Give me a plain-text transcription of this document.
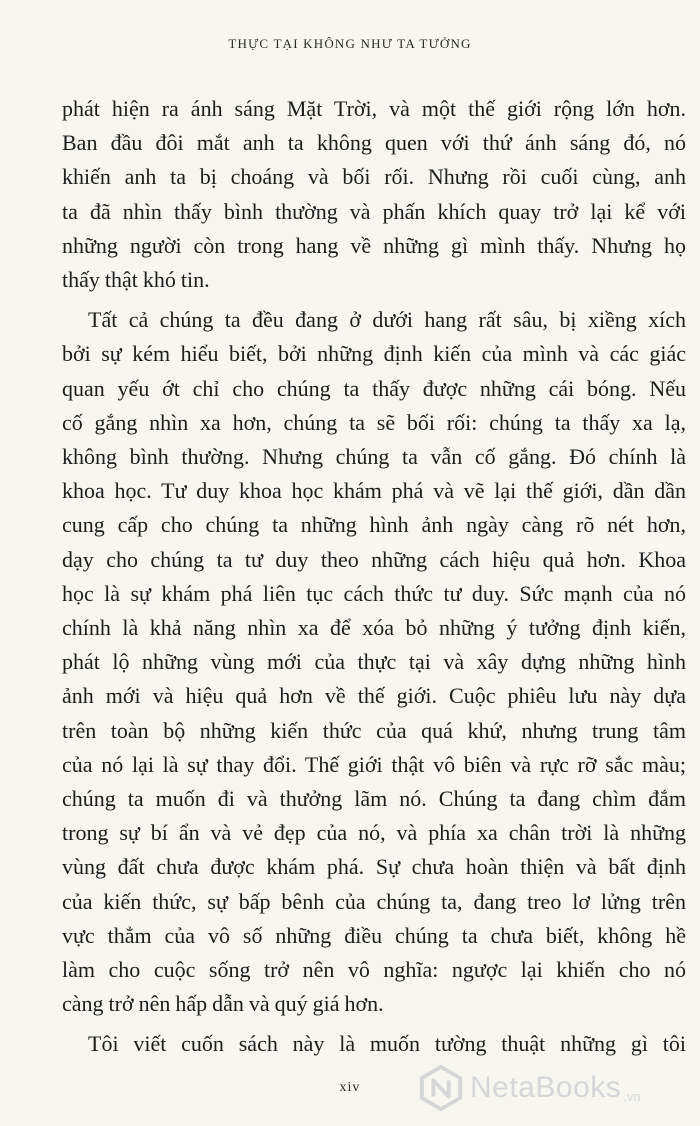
THỰC TẠI KHÔNG NHƯ TA TƯỞNG

phát hiện ra ánh sáng Mặt Trời, và một thế giới rộng lớn hơn.
Ban đầu đôi mắt anh ta không quen với thứ ánh sáng đó, nó
khiến anh ta bị choáng và bối rối. Nhưng rồi cuối cùng, anh
ta đã nhìn thấy bình thường và phấn khích quay trở lại kể với
những người còn trong hang về những gì mình thấy. Nhưng họ
thấy thật khó tin.

Tất cả chúng ta đều đang ở dưới hang rất sâu, bị xiềng xích
bởi sự kém hiểu biết, bởi những định kiến của mình và các giác
quan yếu ớt chỉ cho chúng ta thấy được những cái bóng. Nếu
cố gắng nhìn xa hơn, chúng ta sẽ bối rối: chúng ta thấy xa lạ,
không bình thường. Nhưng chúng ta vẫn cố gắng. Đó chính là
khoa học. Tư duy khoa học khám phá và vẽ lại thế giới, dần dần
cung cấp cho chúng ta những hình ảnh ngày càng rõ nét hơn,
dạy cho chúng ta tư duy theo những cách hiệu quả hơn. Khoa
học là sự khám phá liên tục cách thức tư duy. Sức mạnh của nó
chính là khả năng nhìn xa để xóa bỏ những ý tưởng định kiến,
phát lộ những vùng mới của thực tại và xây dựng những hình
ảnh mới và hiệu quả hơn về thế giới. Cuộc phiêu lưu này dựa
trên toàn bộ những kiến thức của quá khứ, nhưng trung tâm
của nó lại là sự thay đổi. Thế giới thật vô biên và rực rỡ sắc màu;
chúng ta muốn đi và thưởng lãm nó. Chúng ta đang chìm đắm
trong sự bí ẩn và vẻ đẹp của nó, và phía xa chân trời là những
vùng đất chưa được khám phá. Sự chưa hoàn thiện và bất định
của kiến thức, sự bấp bênh của chúng ta, đang treo lơ lửng trên
vực thẳm của vô số những điều chúng ta chưa biết, không hề
làm cho cuộc sống trở nên vô nghĩa: ngược lại khiến cho nó
càng trở nên hấp dẫn và quý giá hơn.

Tôi viết cuốn sách này là muốn tường thuật những gì tôi

xiv	NetaBooks .vn
